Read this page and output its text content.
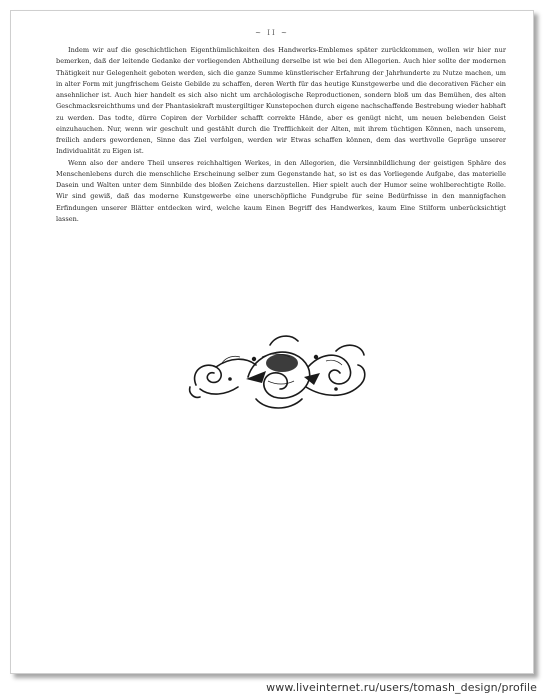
~ II ~

Indem wir auf die geschichtlichen Eigenthümlichkeiten des Handwerks-Emblemes später zurückkommen, wollen wir hier nur bemerken, daß der leitende Gedanke der vorliegenden Abtheilung derselbe ist wie bei den Allegorien. Auch hier sollte der modernen Thätigkeit nur Gelegenheit geboten werden, sich die ganze Summe künstlerischer Erfahrung der Jahrhunderte zu Nutze machen, um in alter Form mit jungfrischem Geiste Gebilde zu schaffen, deren Werth für das heutige Kunstgewerbe und die decorativen Fächer ein ansehnlicher ist. Auch hier handelt es sich also nicht um archäologische Reproductionen, sondern bloß um das Bemühen, des alten Geschmacksreichthums und der Phantasiekraft mustergiltiger Kunstepochen durch eigene nachschaffende Bestrebung wieder habhaft zu werden. Das todte, dürre Copiren der Vorbilder schafft correkte Hände, aber es genügt nicht, um neuen belebenden Geist einzuhauchen. Nur, wenn wir geschult und gestählt durch die Trefflichkeit der Alten, mit ihrem tüchtigen Können, nach unserem, freilich anders gewordenen, Sinne das Ziel verfolgen, werden wir Etwas schaffen können, dem das werthvolle Gepräge unserer Individualität zu Eigen ist.

Wenn also der andere Theil unseres reichhaltigen Werkes, in den Allegorien, die Versinnbildlichung der geistigen Sphäre des Menschenlebens durch die menschliche Erscheinung selber zum Gegenstande hat, so ist es das Vorliegende Aufgabe, das materielle Dasein und Walten unter dem Sinnbilde des bloßen Zeichens darzustellen. Hier spielt auch der Humor seine wohlberechtigte Rolle. Wir sind gewiß, daß das moderne Kunstgewerbe eine unerschöpfliche Fundgrube für seine Bedürfnisse in den mannigfachen Erfindungen unserer Blätter entdecken wird, welche kaum Einen Begriff des Handwerkes, kaum Eine Stilform unberücksichtigt lassen.

www.liveinternet.ru/users/tomash_design/profile
